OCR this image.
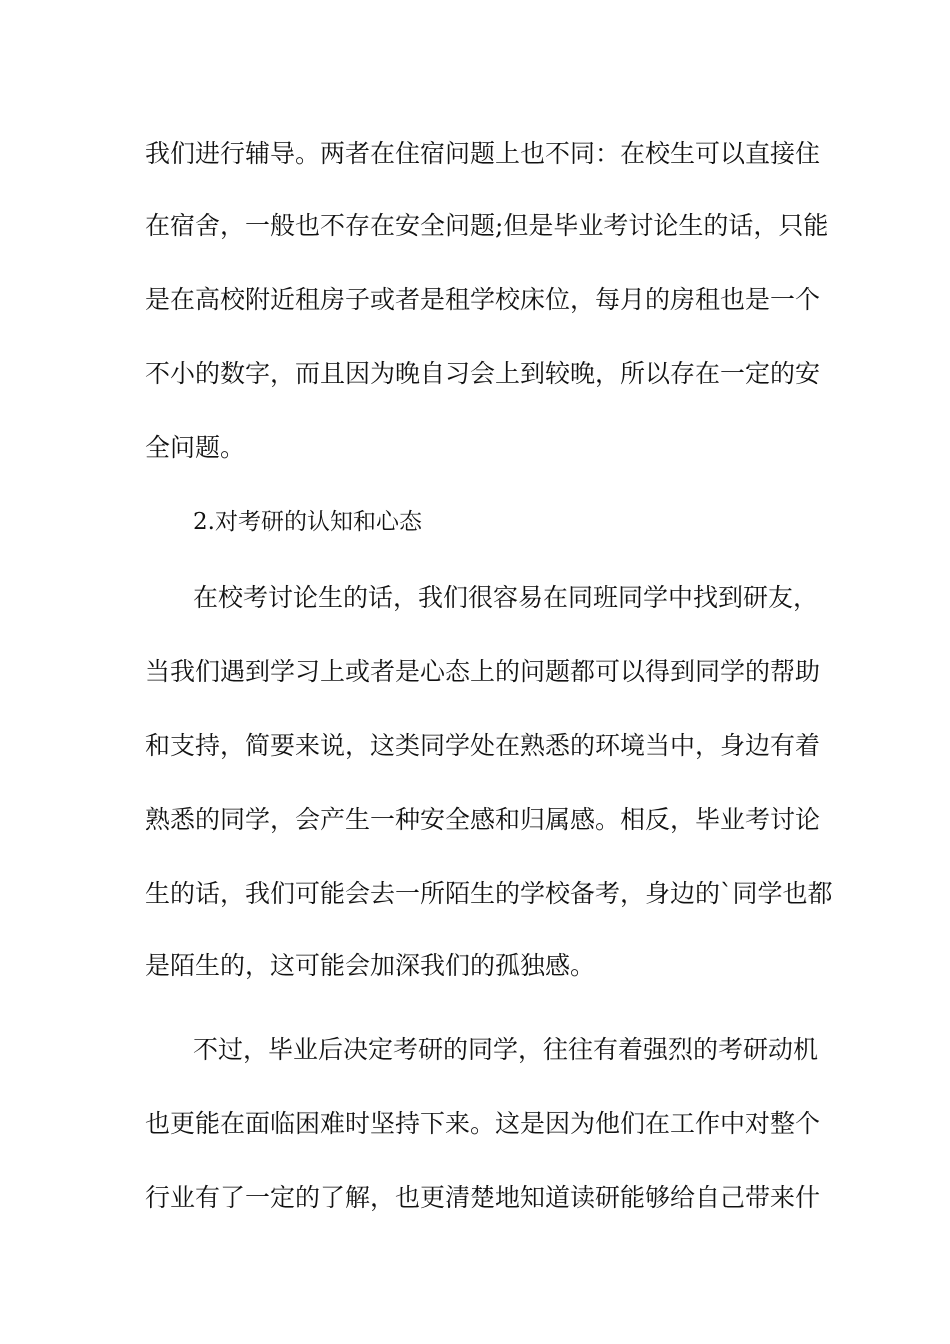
我们进行辅导。两者在住宿问题上也不同：在校生可以直接住
在宿舍，一般也不存在安全问题;但是毕业考讨论生的话，只能
是在高校附近租房子或者是租学校床位，每月的房租也是一个
不小的数字，而且因为晚自习会上到较晚，所以存在一定的安
全问题。
2.对考研的认知和心态
在校考讨论生的话，我们很容易在同班同学中找到研友，
当我们遇到学习上或者是心态上的问题都可以得到同学的帮助
和支持，简要来说，这类同学处在熟悉的环境当中，身边有着
熟悉的同学，会产生一种安全感和归属感。相反，毕业考讨论
生的话，我们可能会去一所陌生的学校备考，身边的`同学也都
是陌生的，这可能会加深我们的孤独感。
不过，毕业后决定考研的同学，往往有着强烈的考研动机
也更能在面临困难时坚持下来。这是因为他们在工作中对整个
行业有了一定的了解，也更清楚地知道读研能够给自己带来什
